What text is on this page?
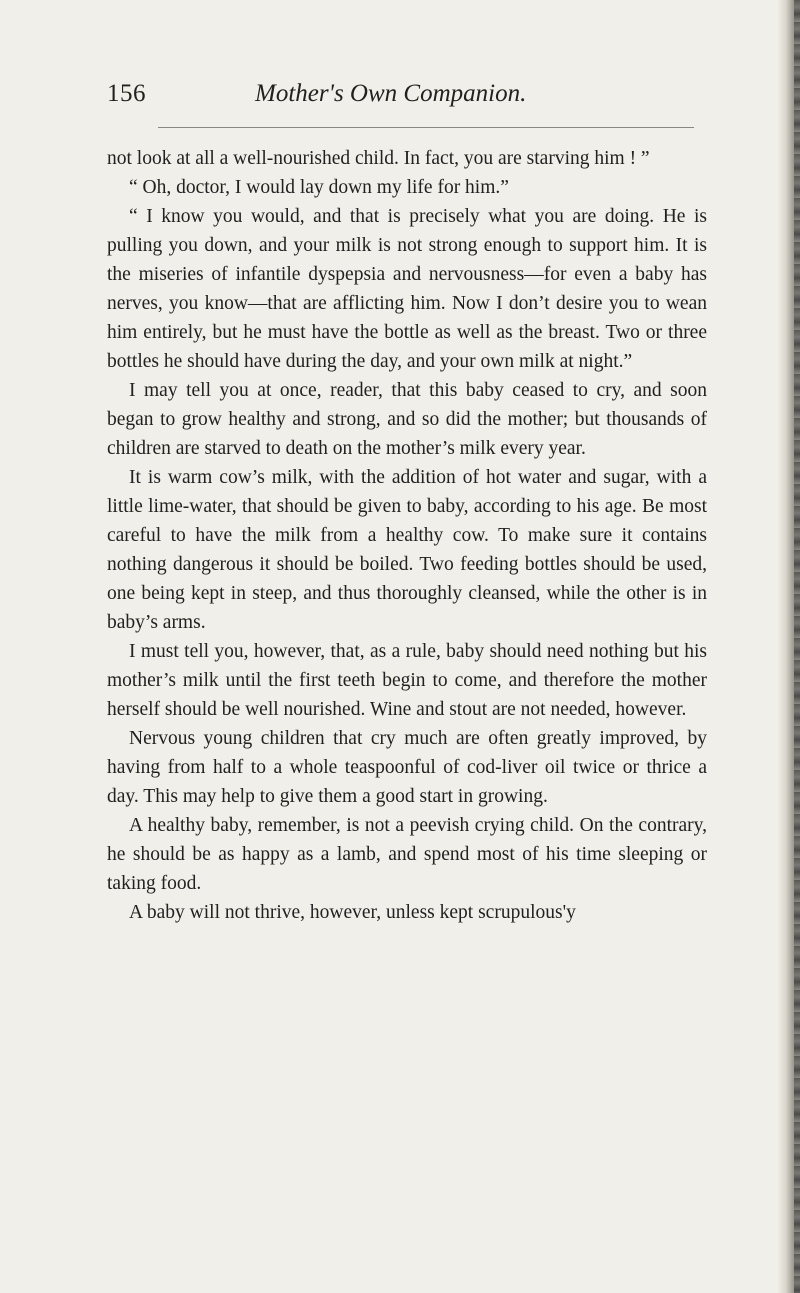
156	Mother's Own Companion.

not look at all a well-nourished child. In fact, you are starving him ! ”

“ Oh, doctor, I would lay down my life for him.”

“ I know you would, and that is precisely what you are doing. He is pulling you down, and your milk is not strong enough to support him. It is the miseries of infantile dyspepsia and nervousness—for even a baby has nerves, you know—that are afflicting him. Now I don’t desire you to wean him entirely, but he must have the bottle as well as the breast. Two or three bottles he should have during the day, and your own milk at night.”

I may tell you at once, reader, that this baby ceased to cry, and soon began to grow healthy and strong, and so did the mother; but thousands of children are starved to death on the mother’s milk every year.

It is warm cow’s milk, with the addition of hot water and sugar, with a little lime-water, that should be given to baby, according to his age. Be most careful to have the milk from a healthy cow. To make sure it contains nothing dangerous it should be boiled. Two feeding bottles should be used, one being kept in steep, and thus thoroughly cleansed, while the other is in baby’s arms.

I must tell you, however, that, as a rule, baby should need nothing but his mother’s milk until the first teeth begin to come, and therefore the mother herself should be well nourished. Wine and stout are not needed, however.

Nervous young children that cry much are often greatly improved, by having from half to a whole teaspoonful of cod-liver oil twice or thrice a day. This may help to give them a good start in growing.

A healthy baby, remember, is not a peevish crying child. On the contrary, he should be as happy as a lamb, and spend most of his time sleeping or taking food.

A baby will not thrive, however, unless kept scrupulous'y
